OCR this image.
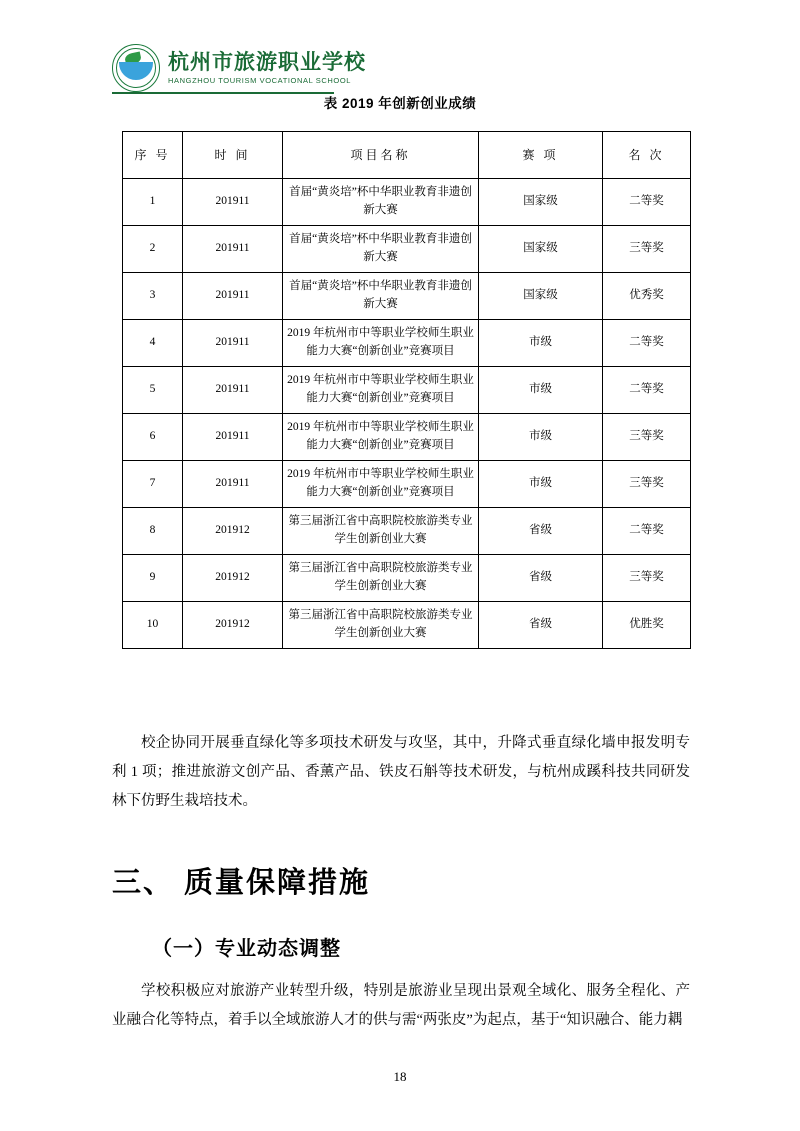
杭州市旅游职业学校
HANGZHOU TOURISM VOCATIONAL SCHOOL
表 2019 年创新创业成绩
序 号	时 间	项目名称	赛 项	名 次
1	201911	首届“黄炎培”杯中华职业教育非遗创新大赛	国家级	二等奖
2	201911	首届“黄炎培”杯中华职业教育非遗创新大赛	国家级	三等奖
3	201911	首届“黄炎培”杯中华职业教育非遗创新大赛	国家级	优秀奖
4	201911	2019 年杭州市中等职业学校师生职业能力大赛“创新创业”竞赛项目	市级	二等奖
5	201911	2019 年杭州市中等职业学校师生职业能力大赛“创新创业”竞赛项目	市级	二等奖
6	201911	2019 年杭州市中等职业学校师生职业能力大赛“创新创业”竞赛项目	市级	三等奖
7	201911	2019 年杭州市中等职业学校师生职业能力大赛“创新创业”竞赛项目	市级	三等奖
8	201912	第三届浙江省中高职院校旅游类专业学生创新创业大赛	省级	二等奖
9	201912	第三届浙江省中高职院校旅游类专业学生创新创业大赛	省级	三等奖
10	201912	第三届浙江省中高职院校旅游类专业学生创新创业大赛	省级	优胜奖

校企协同开展垂直绿化等多项技术研发与攻坚，其中，升降式垂直绿化墙申报发明专利 1 项；推进旅游文创产品、香薰产品、铁皮石斛等技术研发，与杭州成蹊科技共同研发林下仿野生栽培技术。

三、 质量保障措施
（一）专业动态调整

学校积极应对旅游产业转型升级，特别是旅游业呈现出景观全域化、服务全程化、产业融合化等特点，着手以全域旅游人才的供与需“两张皮”为起点，基于“知识融合、能力耦

18
